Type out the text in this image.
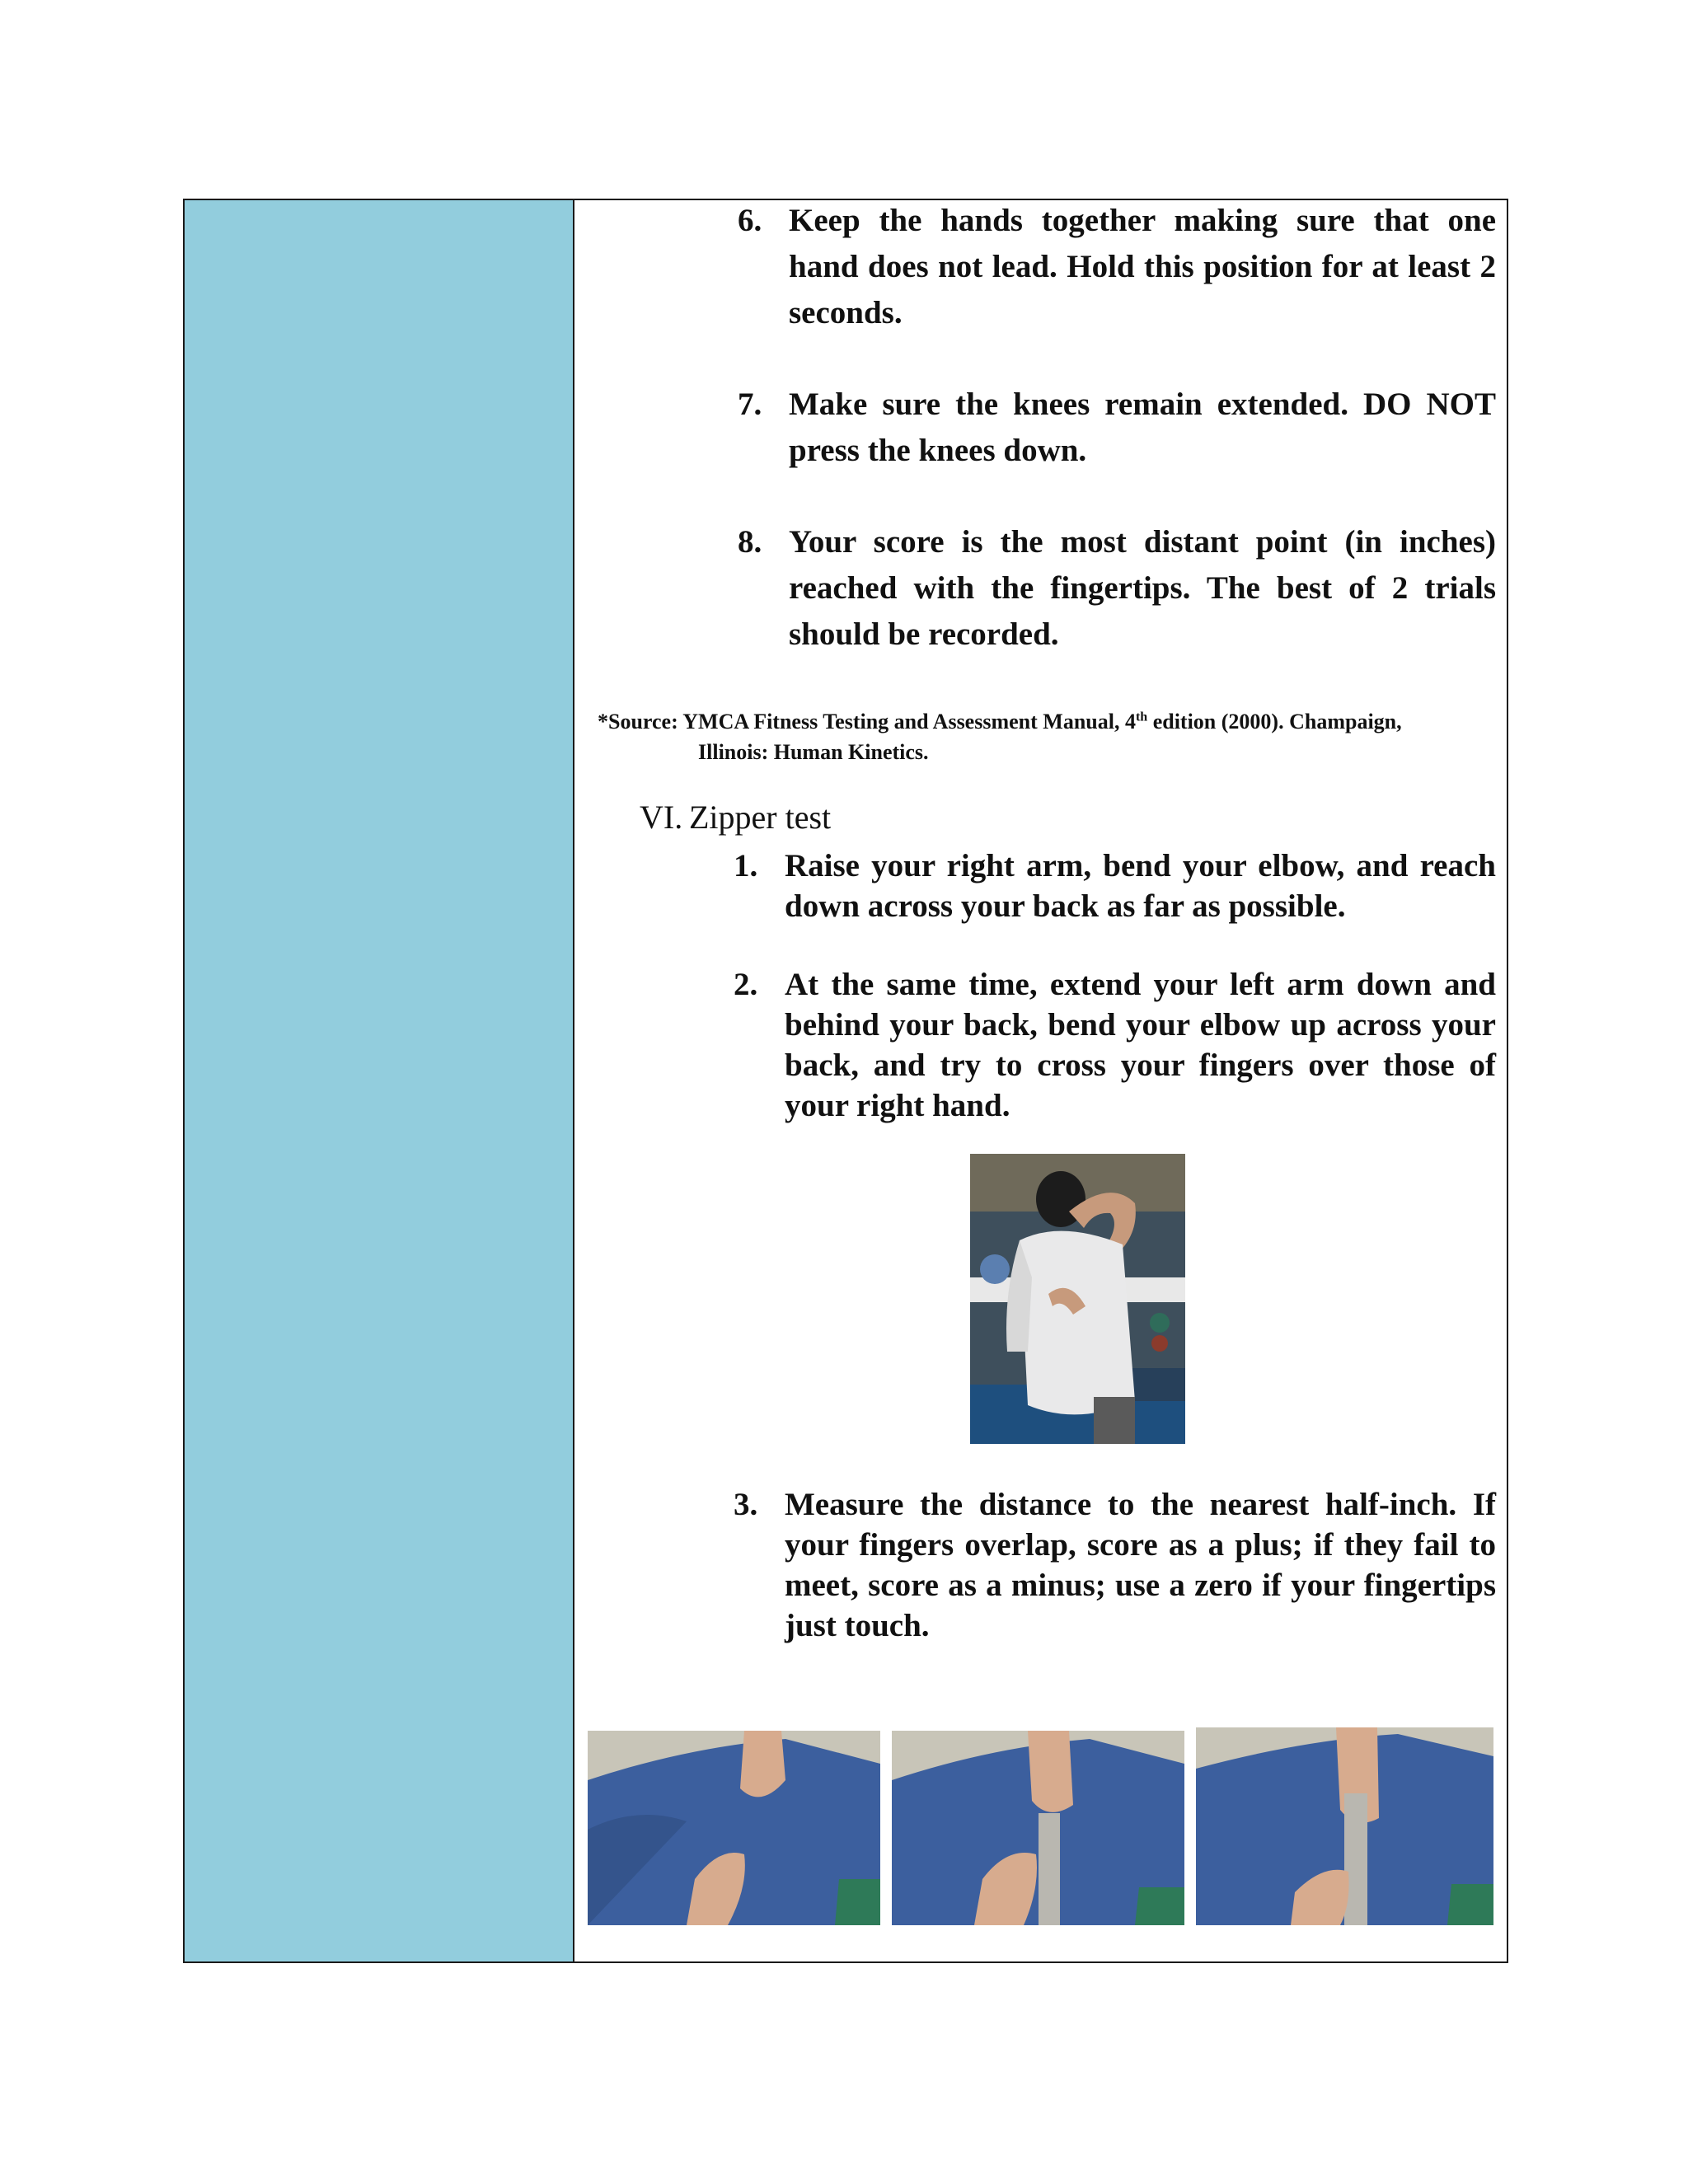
6. Keep the hands together making sure that one hand does not lead. Hold this position for at least 2 seconds.
7. Make sure the knees remain extended. DO NOT press the knees down.
8. Your score is the most distant point (in inches) reached with the fingertips. The best of 2 trials should be recorded.
*Source: YMCA Fitness Testing and Assessment Manual, 4th edition (2000). Champaign,
Illinois: Human Kinetics.
VI. Zipper test
1. Raise your right arm, bend your elbow, and reach down across your back as far as possible.
2. At the same time, extend your left arm down and behind your back, bend your elbow up across your back, and try to cross your fingers over those of your right hand.
3. Measure the distance to the nearest half-inch. If your fingers overlap, score as a plus; if they fail to meet, score as a minus; use a zero if your fingertips just touch.
